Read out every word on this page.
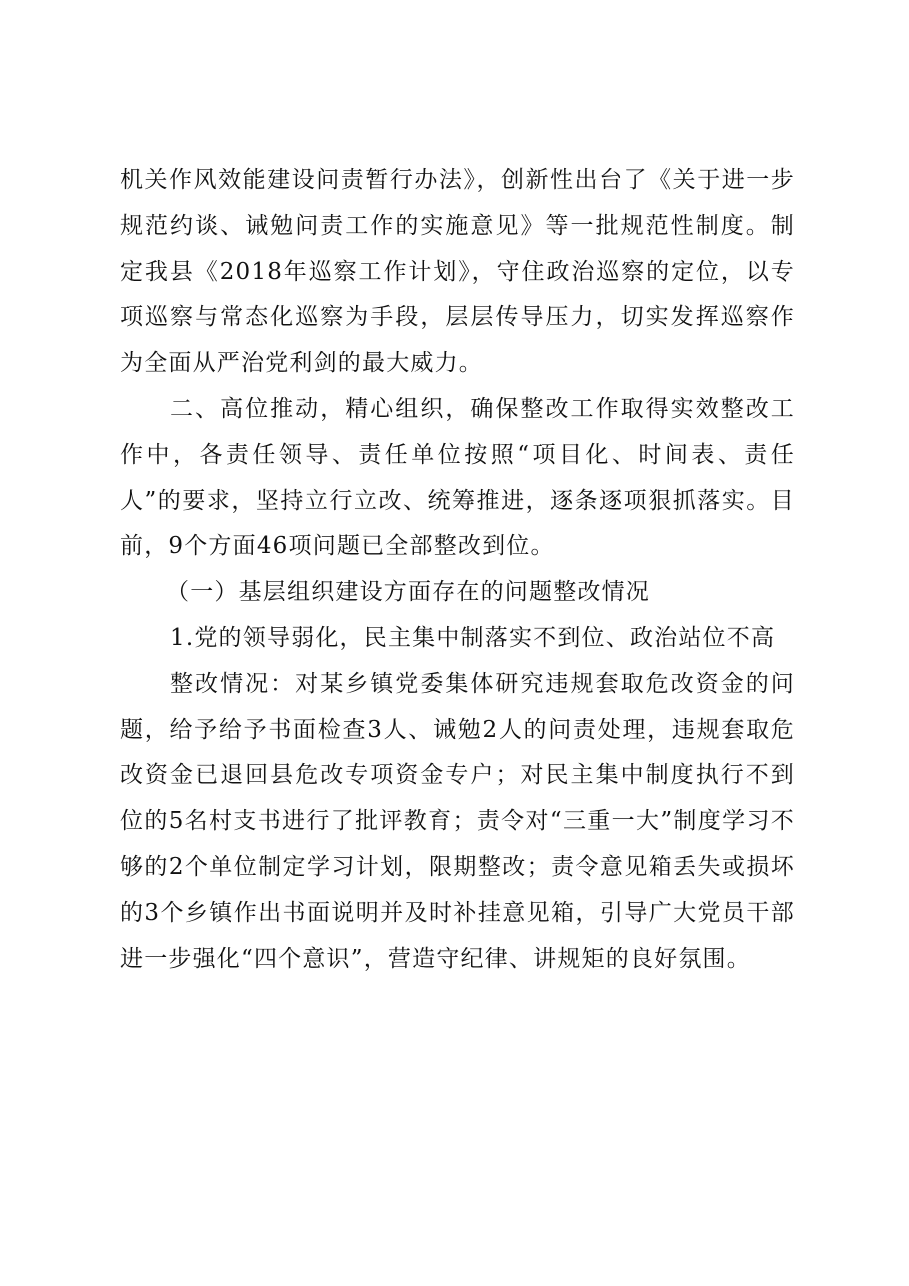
机关作风效能建设问责暂行办法》，创新性出台了《关于进一步规范约谈、诫勉问责工作的实施意见》等一批规范性制度。制定我县《2018年巡察工作计划》，守住政治巡察的定位，以专项巡察与常态化巡察为手段，层层传导压力，切实发挥巡察作为全面从严治党利剑的最大威力。

二、高位推动，精心组织，确保整改工作取得实效整改工作中，各责任领导、责任单位按照“项目化、时间表、责任人”的要求，坚持立行立改、统筹推进，逐条逐项狠抓落实。目前，9个方面46项问题已全部整改到位。

（一）基层组织建设方面存在的问题整改情况

1.党的领导弱化，民主集中制落实不到位、政治站位不高

整改情况：对某乡镇党委集体研究违规套取危改资金的问题，给予给予书面检查3人、诫勉2人的问责处理，违规套取危改资金已退回县危改专项资金专户；对民主集中制度执行不到位的5名村支书进行了批评教育；责令对“三重一大”制度学习不够的2个单位制定学习计划，限期整改；责令意见箱丢失或损坏的3个乡镇作出书面说明并及时补挂意见箱，引导广大党员干部进一步强化“四个意识”，营造守纪律、讲规矩的良好氛围。
